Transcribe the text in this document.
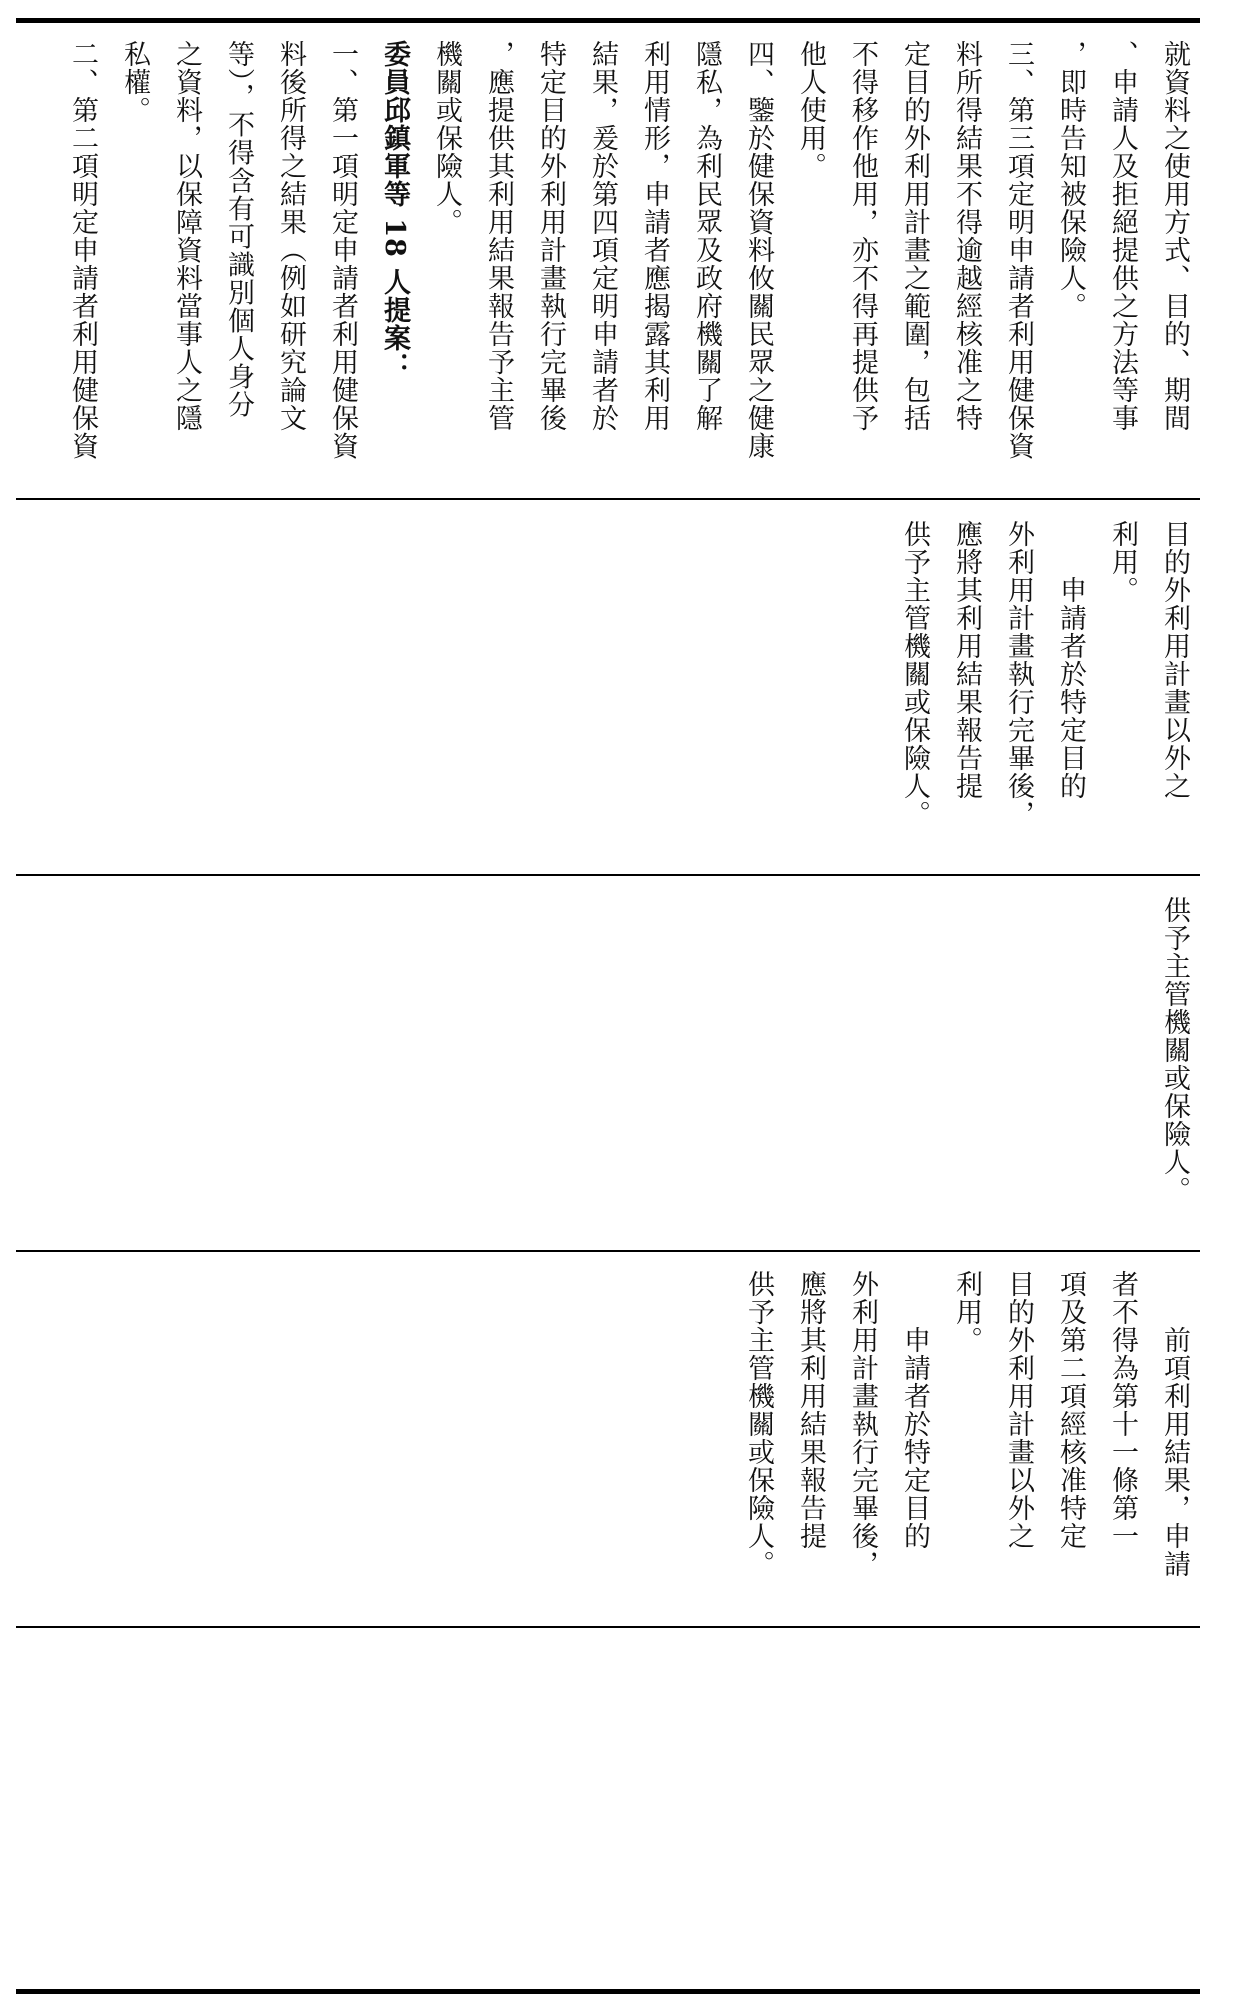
就資料之使用方式、目的、期間

、申請人及拒絕提供之方法等事

，即時告知被保險人。

三、第三項定明申請者利用健保資

料所得結果不得逾越經核准之特

定目的外利用計畫之範圍，包括

不得移作他用，亦不得再提供予

他人使用。

四、鑒於健保資料攸關民眾之健康

隱私，為利民眾及政府機關了解

利用情形，申請者應揭露其利用

結果，爰於第四項定明申請者於

特定目的外利用計畫執行完畢後

，應提供其利用結果報告予主管

機關或保險人。

委員邱鎮軍等 18 人提案：

一、第一項明定申請者利用健保資

料後所得之結果（例如研究論文

等），不得含有可識別個人身分

之資料，以保障資料當事人之隱

私權。

二、第二項明定申請者利用健保資

目的外利用計畫以外之

利用。

　　申請者於特定目的

外利用計畫執行完畢後，

應將其利用結果報告提

供予主管機關或保險人。

供予主管機關或保險人。

　　前項利用結果，申請

者不得為第十一條第一

項及第二項經核准特定

目的外利用計畫以外之

利用。

　　申請者於特定目的

外利用計畫執行完畢後，

應將其利用結果報告提

供予主管機關或保險人。
